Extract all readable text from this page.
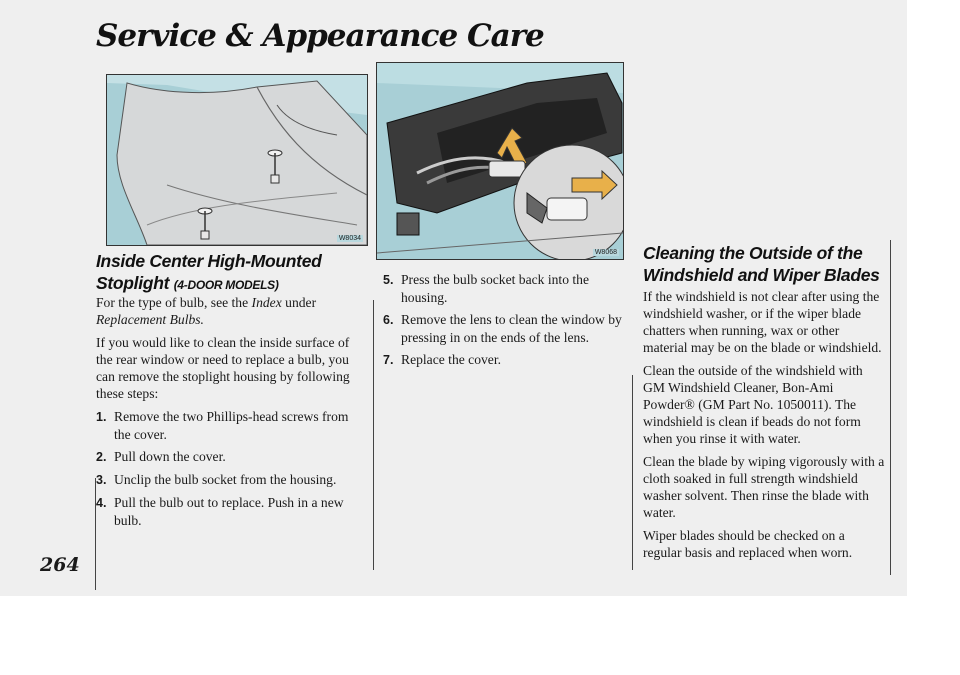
Service & Appearance Care
264
W8034
W8068
Inside Center High-Mounted Stoplight (4-DOOR MODELS)

For the type of bulb, see the Index under Replacement Bulbs.

If you would like to clean the inside surface of the rear window or need to replace a bulb, you can remove the stoplight housing by following these steps:

1. Remove the two Phillips-head screws from the cover.
2. Pull down the cover.
3. Unclip the bulb socket from the housing.
4. Pull the bulb out to replace. Push in a new bulb.
5. Press the bulb socket back into the housing.
6. Remove the lens to clean the window by pressing in on the ends of the lens.
7. Replace the cover.
Cleaning the Outside of the Windshield and Wiper Blades

If the windshield is not clear after using the windshield washer, or if the wiper blade chatters when running, wax or other material may be on the blade or windshield.

Clean the outside of the windshield with GM Windshield Cleaner, Bon-Ami Powder® (GM Part No. 1050011). The windshield is clean if beads do not form when you rinse it with water.

Clean the blade by wiping vigorously with a cloth soaked in full strength windshield washer solvent. Then rinse the blade with water.

Wiper blades should be checked on a regular basis and replaced when worn.
